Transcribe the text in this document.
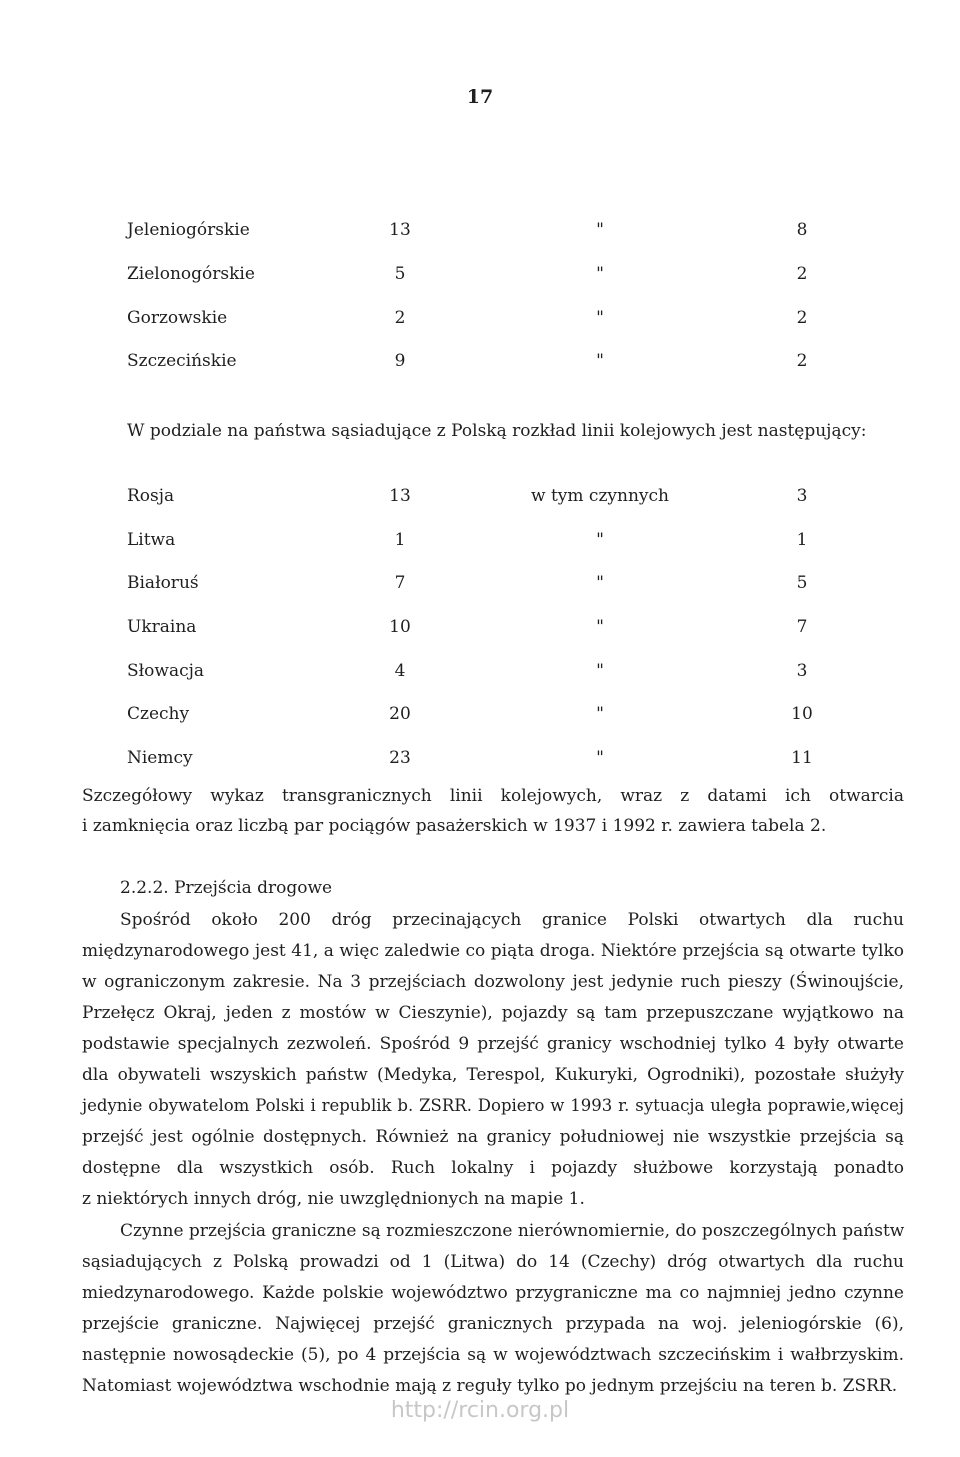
17
Jeleniogórskie	13	"	8
Zielonogórskie	5	"	2
Gorzowskie	2	"	2
Szczecińskie	9	"	2
W podziale na państwa sąsiadujące z Polską rozkład linii kolejowych jest następujący:
Rosja	13	w tym czynnych	3
Litwa	1	"	1
Białoruś	7	"	5
Ukraina	10	"	7
Słowacja	4	"	3
Czechy	20	"	10
Niemcy	23	"	11
Szczegółowy wykaz transgranicznych linii kolejowych, wraz z datami ich otwarcia
i zamknięcia oraz liczbą par pociągów pasażerskich w 1937 i 1992 r. zawiera tabela 2.
2.2.2. Przejścia drogowe
Spośród około 200 dróg przecinających granice Polski otwartych dla ruchu
międzynarodowego jest 41, a więc zaledwie co piąta droga. Niektóre przejścia są otwarte tylko
w ograniczonym zakresie. Na 3 przejściach dozwolony jest jedynie ruch pieszy (Świnoujście,
Przełęcz Okraj, jeden z mostów w Cieszynie), pojazdy są tam przepuszczane wyjątkowo na
podstawie specjalnych zezwoleń. Spośród 9 przejść granicy wschodniej tylko 4 były otwarte
dla obywateli wszyskich państw (Medyka, Terespol, Kukuryki, Ogrodniki), pozostałe służyły
jedynie obywatelom Polski i republik b. ZSRR. Dopiero w 1993 r. sytuacja uległa poprawie,więcej
przejść jest ogólnie dostępnych. Również na granicy południowej nie wszystkie przejścia są
dostępne dla wszystkich osób. Ruch lokalny i pojazdy służbowe korzystają ponadto
z niektórych innych dróg, nie uwzględnionych na mapie 1.
Czynne przejścia graniczne są rozmieszczone nierównomiernie, do poszczególnych państw
sąsiadujących z Polską prowadzi od 1 (Litwa) do 14 (Czechy) dróg otwartych dla ruchu
miedzynarodowego. Każde polskie województwo przygraniczne ma co najmniej jedno czynne
przejście graniczne. Najwięcej przejść granicznych przypada na woj. jeleniogórskie (6),
następnie nowosądeckie (5), po 4 przejścia są w województwach szczecińskim i wałbrzyskim.
Natomiast województwa wschodnie mają z reguły tylko po jednym przejściu na teren b. ZSRR.
http://rcin.org.pl
